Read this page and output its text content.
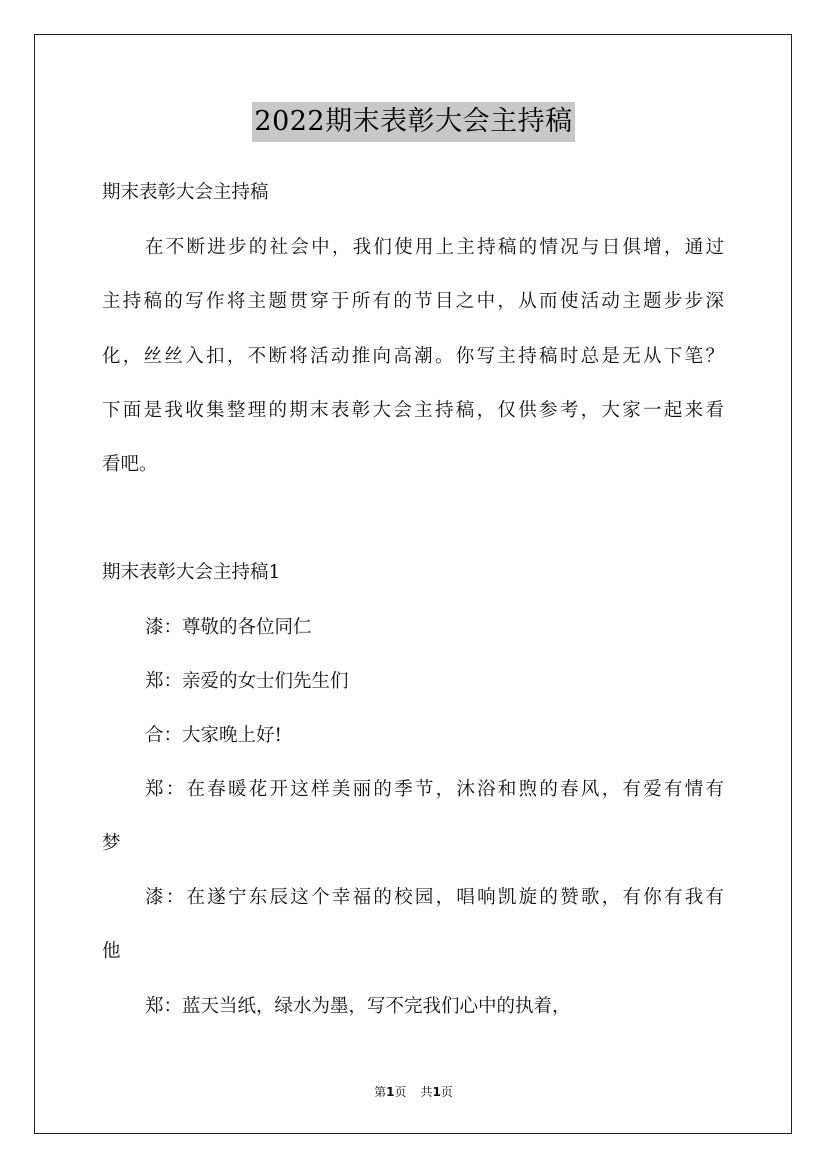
2022期末表彰大会主持稿
期末表彰大会主持稿
在不断进步的社会中，我们使用上主持稿的情况与日俱增，通过
主持稿的写作将主题贯穿于所有的节目之中，从而使活动主题步步深
化，丝丝入扣，不断将活动推向高潮。你写主持稿时总是无从下笔？
下面是我收集整理的期末表彰大会主持稿，仅供参考，大家一起来看
看吧。
期末表彰大会主持稿1
漆：尊敬的各位同仁
郑：亲爱的女士们先生们
合：大家晚上好!
郑：在春暖花开这样美丽的季节，沐浴和煦的春风，有爱有情有
梦
漆：在遂宁东辰这个幸福的校园，唱响凯旋的赞歌，有你有我有
他
郑：蓝天当纸，绿水为墨，写不完我们心中的执着，
第1页 共1页
